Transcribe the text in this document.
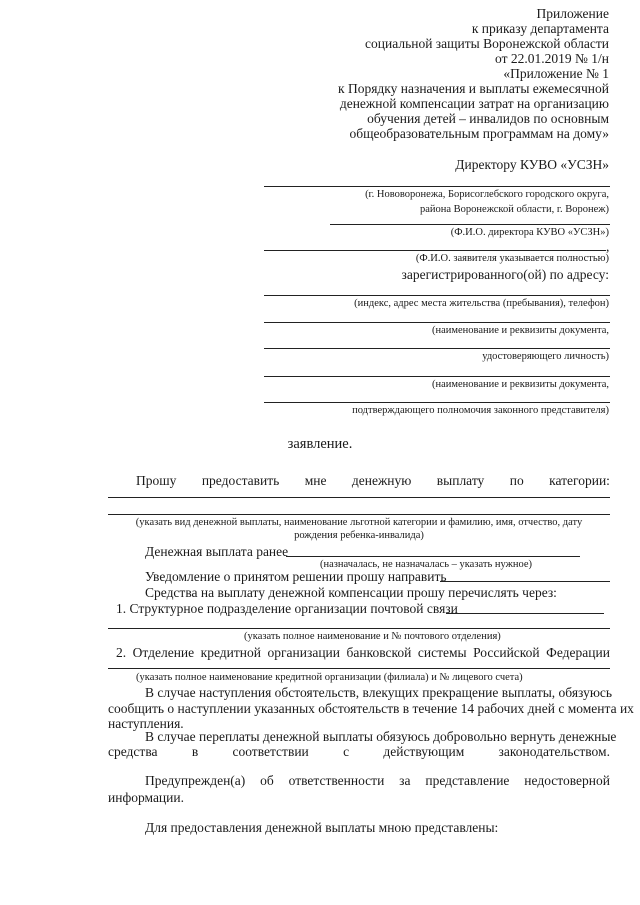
Приложение
к приказу департамента
социальной защиты Воронежской области
от 22.01.2019 № 1/н
«Приложение № 1
к Порядку назначения и выплаты ежемесячной
денежной компенсации затрат на организацию
обучения детей – инвалидов по основным
общеобразовательным программам на дому»
Директору КУВО «УСЗН»
(г. Нововоронежа, Борисоглебского городского округа,
района Воронежской области, г. Воронеж)
(Ф.И.О. директора КУВО «УСЗН»)
,
(Ф.И.О. заявителя указывается полностью)
зарегистрированного(ой) по адресу:
(индекс, адрес места жительства (пребывания), телефон)
(наименование и реквизиты документа,
удостоверяющего личность)
(наименование и реквизиты документа,
подтверждающего полномочия законного представителя)
заявление.
Прошу предоставить мне денежную выплату по категории:
(указать вид денежной выплаты, наименование льготной категории и фамилию, имя, отчество, дату
рождения ребенка-инвалида)
Денежная выплата ранее
(назначалась, не назначалась – указать нужное)
Уведомление о принятом решении прошу направить
Средства на выплату денежной компенсации прошу перечислять через:
1. Структурное подразделение организации почтовой связи
(указать полное наименование и № почтового отделения)
2. Отделение кредитной организации банковской системы Российской Федерации
(указать полное наименование кредитной организации (филиала) и № лицевого счета)
В случае наступления обстоятельств, влекущих прекращение выплаты, обязуюсь
сообщить о наступлении указанных обстоятельств в течение 14 рабочих дней с момента их
наступления.
В случае переплаты денежной выплаты обязуюсь добровольно вернуть денежные
средства	в	соответствии	с	действующим	законодательством.
Предупрежден(а) об ответственности за представление недостоверной
информации.
Для предоставления денежной выплаты мною представлены:
